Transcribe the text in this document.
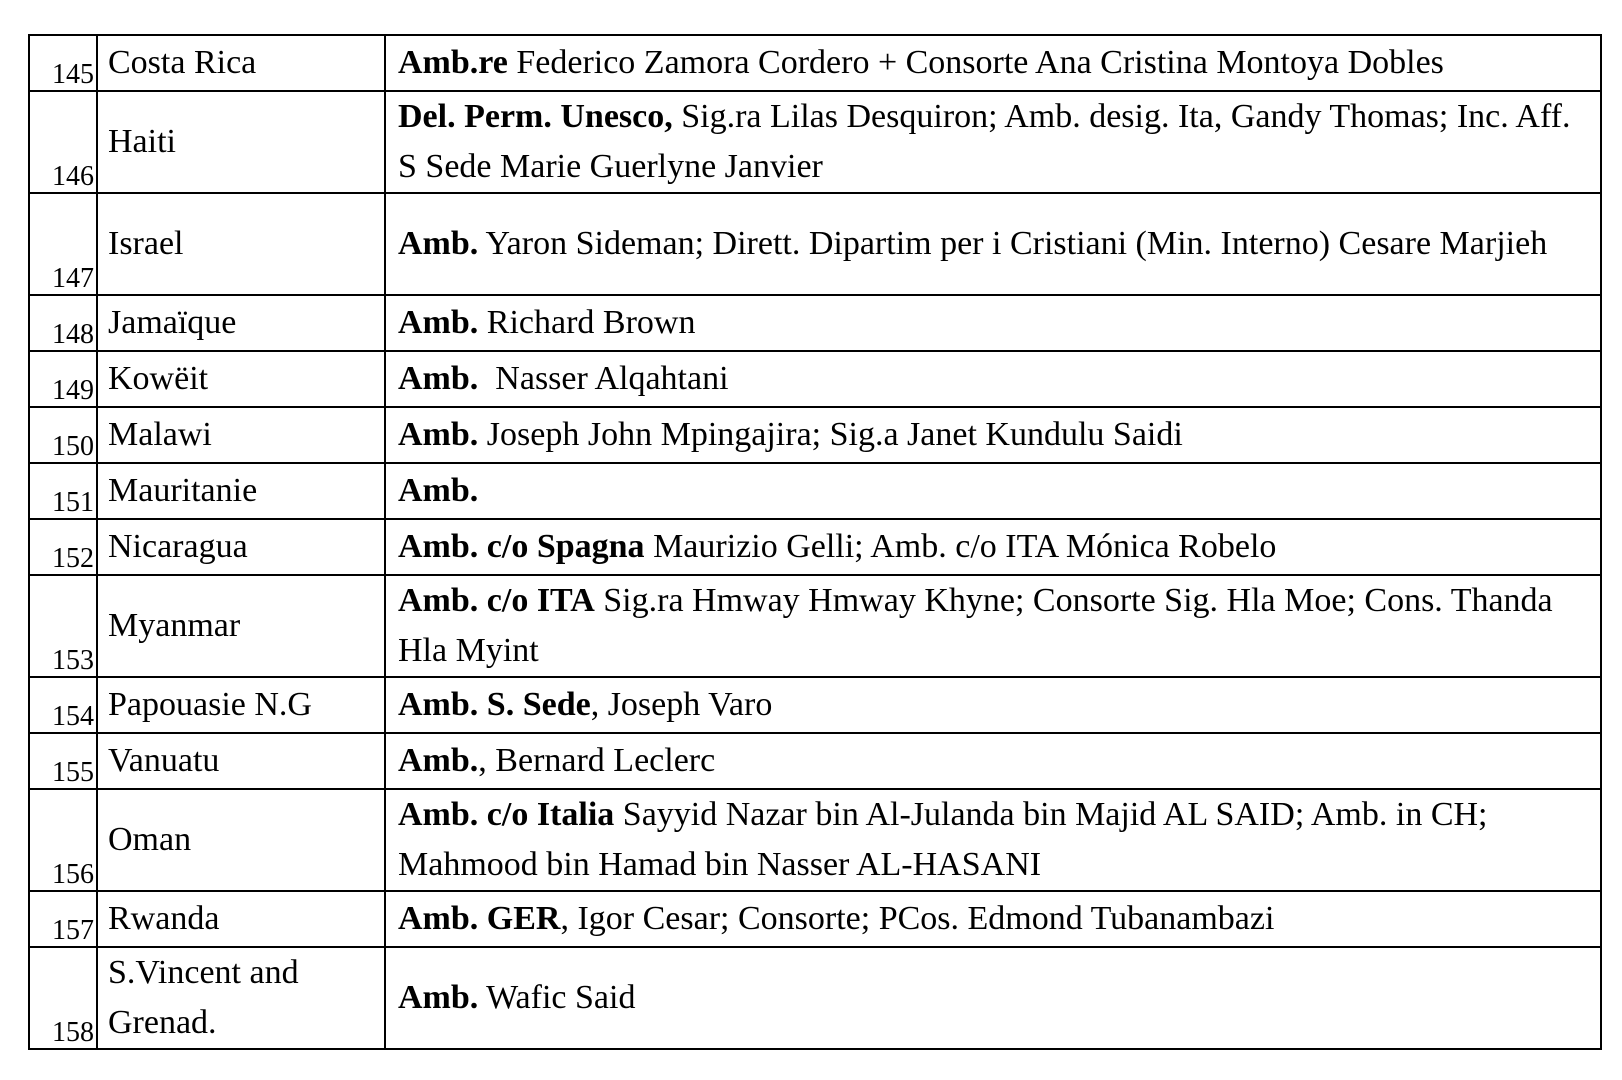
145	Costa Rica	Amb.re Federico Zamora Cordero + Consorte Ana Cristina Montoya Dobles

146	Haiti	Del. Perm. Unesco, Sig.ra Lilas Desquiron; Amb. desig. Ita, Gandy Thomas; Inc. Aff. S Sede Marie Guerlyne Janvier

147	Israel	Amb. Yaron Sideman; Dirett. Dipartim per i Cristiani (Min. Interno) Cesare Marjieh

148	Jamaïque	Amb. Richard Brown

149	Kowëit	Amb.  Nasser Alqahtani

150	Malawi	Amb. Joseph John Mpingajira; Sig.a Janet Kundulu Saidi

151	Mauritanie	Amb.

152	Nicaragua	Amb. c/o Spagna Maurizio Gelli; Amb. c/o ITA Mónica Robelo

153	Myanmar	Amb. c/o ITA Sig.ra Hmway Hmway Khyne; Consorte Sig. Hla Moe; Cons. Thanda Hla Myint

154	Papouasie N.G	Amb. S. Sede, Joseph Varo

155	Vanuatu	Amb., Bernard Leclerc

156	Oman	Amb. c/o Italia Sayyid Nazar bin Al-Julanda bin Majid AL SAID; Amb. in CH; Mahmood bin Hamad bin Nasser AL-HASANI

157	Rwanda	Amb. GER, Igor Cesar; Consorte; PCos. Edmond Tubanambazi

158	S.Vincent and Grenad.	Amb. Wafic Said
